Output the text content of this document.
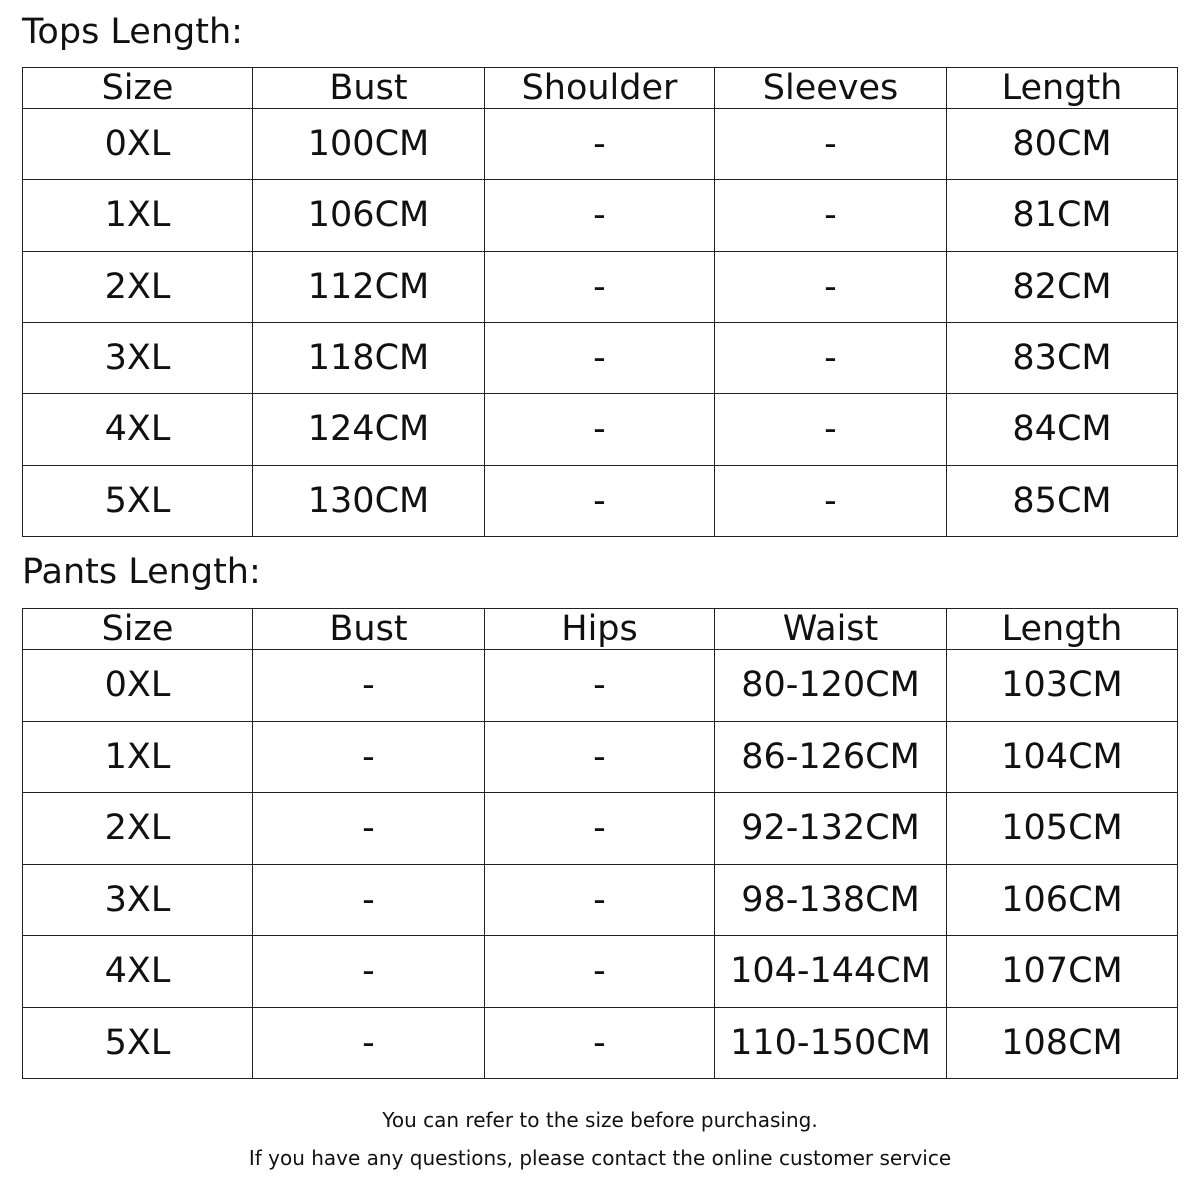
Tops Length:
Size	Bust	Shoulder	Sleeves	Length
0XL	100CM	-	-	80CM
1XL	106CM	-	-	81CM
2XL	112CM	-	-	82CM
3XL	118CM	-	-	83CM
4XL	124CM	-	-	84CM
5XL	130CM	-	-	85CM
Pants Length:
Size	Bust	Hips	Waist	Length
0XL	-	-	80-120CM	103CM
1XL	-	-	86-126CM	104CM
2XL	-	-	92-132CM	105CM
3XL	-	-	98-138CM	106CM
4XL	-	-	104-144CM	107CM
5XL	-	-	110-150CM	108CM

You can refer to the size before purchasing.

If you have any questions, please contact the online customer service
